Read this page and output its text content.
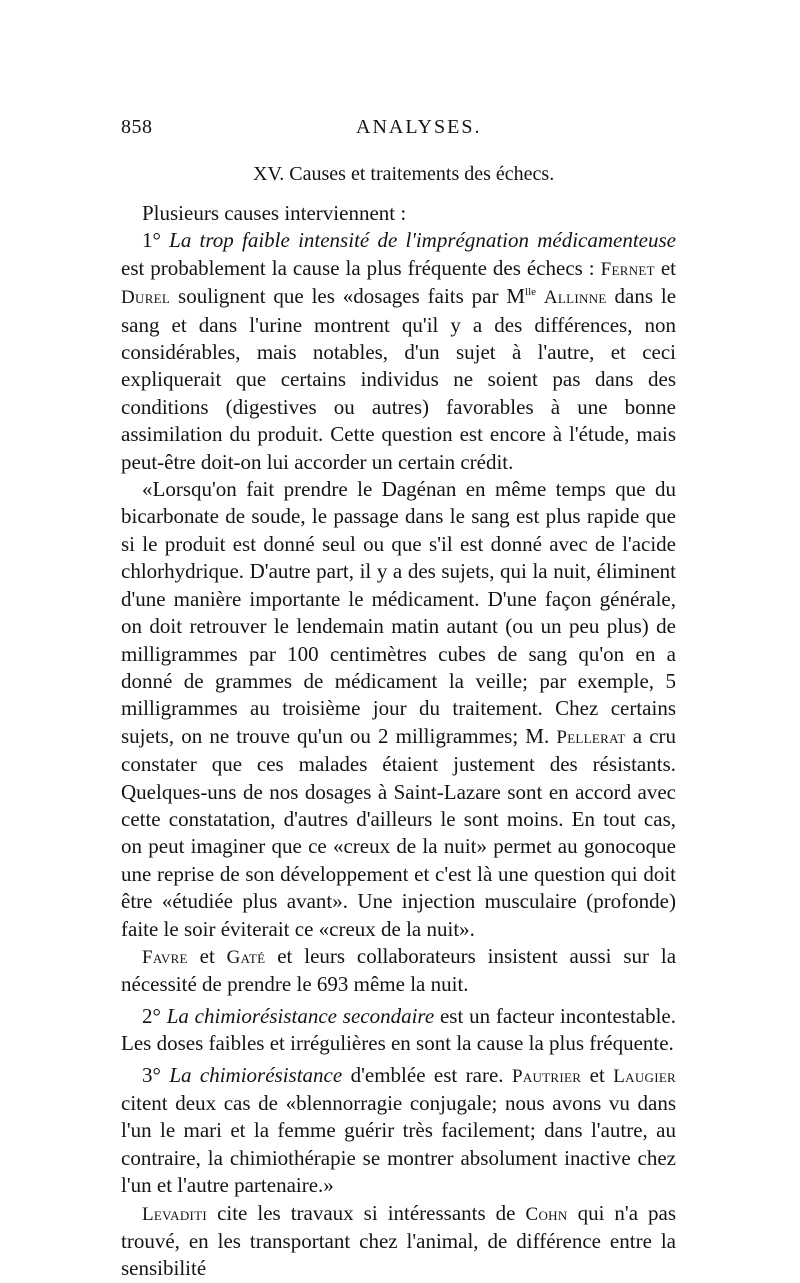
858	ANALYSES.
XV. Causes et traitements des échecs.

Plusieurs causes interviennent :

1° La trop faible intensité de l'imprégnation médicamenteuse est probablement la cause la plus fréquente des échecs : Fernet et Durel soulignent que les «dosages faits par $M^{lle}$ Allinne dans le sang et dans l'urine montrent qu'il y a des différences, non considérables, mais notables, d'un sujet à l'autre, et ceci expliquerait que certains individus ne soient pas dans des conditions (digestives ou autres) favorables à une bonne assimilation du produit. Cette question est encore à l'étude, mais peut-être doit-on lui accorder un certain crédit.

«Lorsqu'on fait prendre le Dagénan en même temps que du bicarbonate de soude, le passage dans le sang est plus rapide que si le produit est donné seul ou que s'il est donné avec de l'acide chlorhydrique. D'autre part, il y a des sujets, qui la nuit, éliminent d'une manière importante le médicament. D'une façon générale, on doit retrouver le lendemain matin autant (ou un peu plus) de milligrammes par 100 centimètres cubes de sang qu'on en a donné de grammes de médicament la veille; par exemple, 5 milligrammes au troisième jour du traitement. Chez certains sujets, on ne trouve qu'un ou 2 milligrammes; M. Pellerat a cru constater que ces malades étaient justement des résistants. Quelques-uns de nos dosages à Saint-Lazare sont en accord avec cette constatation, d'autres d'ailleurs le sont moins. En tout cas, on peut imaginer que ce «creux de la nuit» permet au gonocoque une reprise de son développement et c'est là une question qui doit être «étudiée plus avant». Une injection musculaire (profonde) faite le soir éviterait ce «creux de la nuit».

Favre et Gaté et leurs collaborateurs insistent aussi sur la nécessité de prendre le 693 même la nuit.

2° La chimiorésistance secondaire est un facteur incontestable. Les doses faibles et irrégulières en sont la cause la plus fréquente.

3° La chimiorésistance d'emblée est rare. Pautrier et Laugier citent deux cas de «blennorragie conjugale; nous avons vu dans l'un le mari et la femme guérir très facilement; dans l'autre, au contraire, la chimiothérapie se montrer absolument inactive chez l'un et l'autre partenaire.»

Levaditi cite les travaux si intéressants de Cohn qui n'a pas trouvé, en les transportant chez l'animal, de différence entre la sensibilité
